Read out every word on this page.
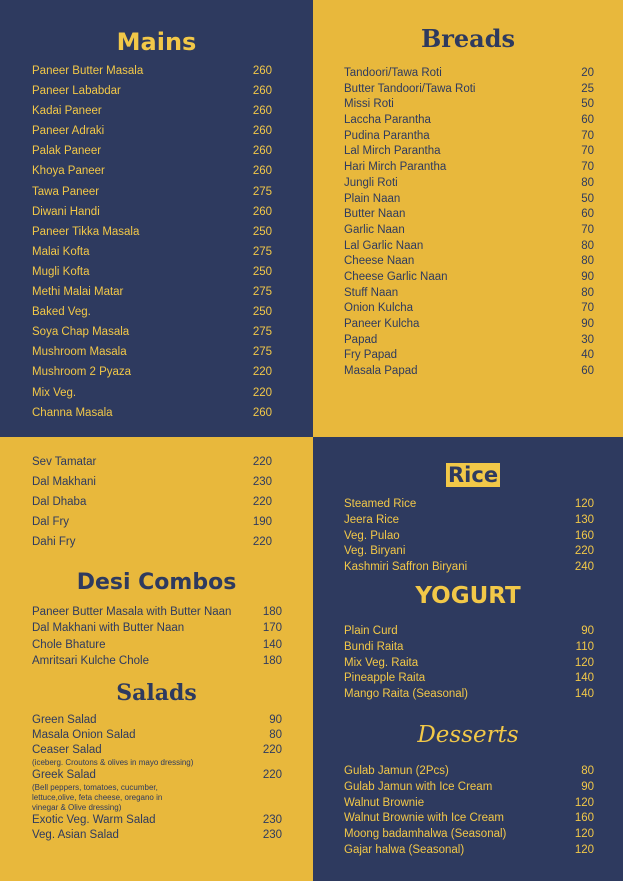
Mains
Paneer Butter Masala	260
Paneer Lababdar	260
Kadai Paneer	260
Paneer Adraki	260
Palak Paneer	260
Khoya Paneer	260
Tawa Paneer	275
Diwani Handi	260
Paneer Tikka Masala	250
Malai Kofta	275
Mugli Kofta	250
Methi Malai Matar	275
Baked Veg.	250
Soya Chap Masala	275
Mushroom Masala	275
Mushroom 2 Pyaza	220
Mix Veg.	220
Channa Masala	260
Breads
Tandoori/Tawa Roti	20
Butter Tandoori/Tawa Roti	25
Missi Roti	50
Laccha Parantha	60
Pudina Parantha	70
Lal Mirch Parantha	70
Hari Mirch Parantha	70
Jungli Roti	80
Plain Naan	50
Butter Naan	60
Garlic Naan	70
Lal Garlic Naan	80
Cheese Naan	80
Cheese Garlic Naan	90
Stuff Naan	80
Onion Kulcha	70
Paneer Kulcha	90
Papad	30
Fry Papad	40
Masala Papad	60
Sev Tamatar	220
Dal Makhani	230
Dal Dhaba	220
Dal Fry	190
Dahi Fry	220
Desi Combos
Paneer Butter Masala with Butter Naan	180
Dal Makhani with Butter Naan	170
Chole Bhature	140
Amritsari Kulche Chole	180
Salads
Green Salad	90
Masala Onion Salad	80
Ceaser Salad	220
(iceberg. Croutons & olives in mayo dressing)
Greek Salad	220
(Bell peppers, tomatoes, cucumber, lettuce,olive, feta cheese, oregano in vinegar & Olive dressing)
Exotic Veg. Warm Salad	230
Veg. Asian Salad	230
Rice
Steamed Rice	120
Jeera Rice	130
Veg. Pulao	160
Veg. Biryani	220
Kashmiri Saffron Biryani	240
YOGURT
Plain Curd	90
Bundi Raita	110
Mix Veg. Raita	120
Pineapple Raita	140
Mango Raita (Seasonal)	140
Desserts
Gulab Jamun (2Pcs)	80
Gulab Jamun with Ice Cream	90
Walnut Brownie	120
Walnut Brownie with Ice Cream	160
Moong badamhalwa (Seasonal)	120
Gajar halwa (Seasonal)	120
